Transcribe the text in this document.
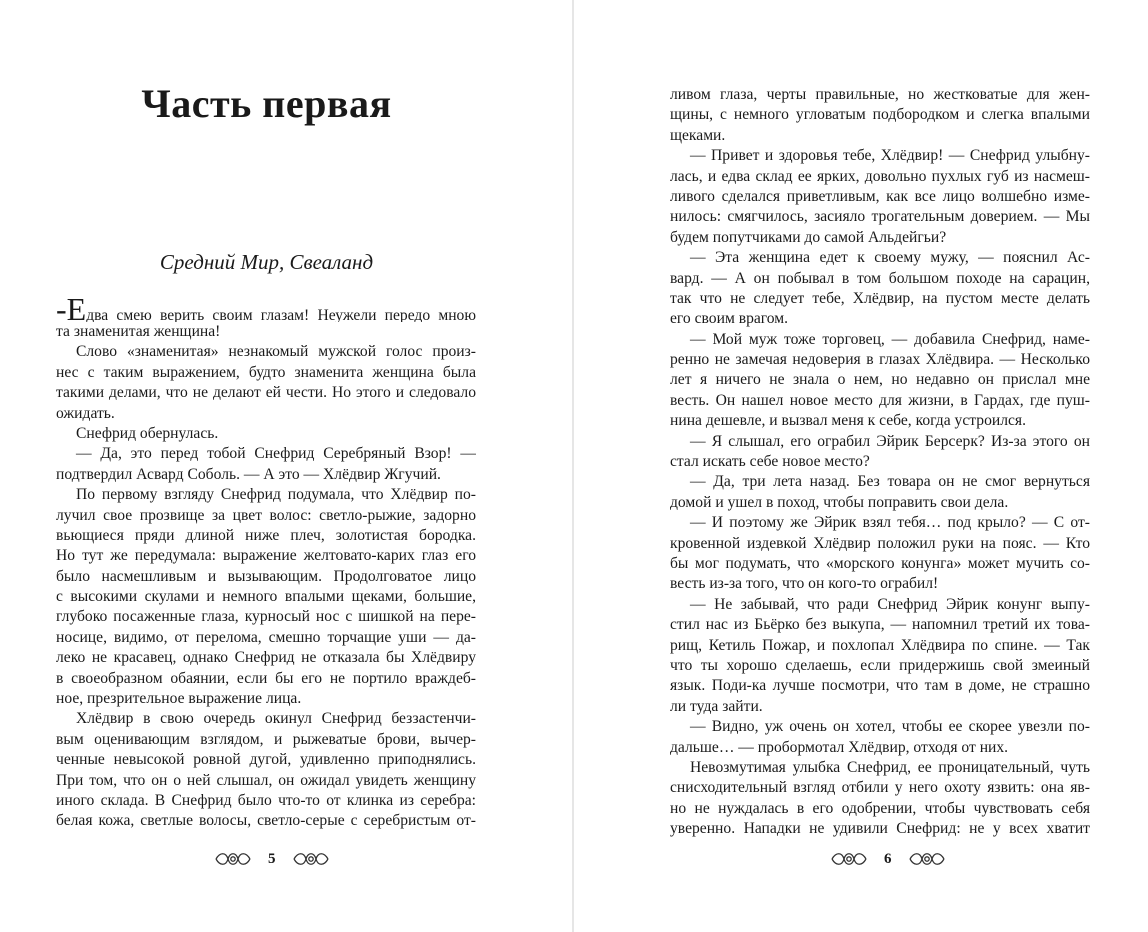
Часть первая
Средний Мир, Свеаланд
-Едва смею верить своим глазам! Неужели передо мною
та знаменитая женщина!
Слово «знаменитая» незнакомый мужской голос произ-
нес с таким выражением, будто знаменита женщина была
такими делами, что не делают ей чести. Но этого и следовало
ожидать.
Снефрид обернулась.
— Да, это перед тобой Снефрид Серебряный Взор! —
подтвердил Асвард Соболь. — А это — Хлёдвир Жгучий.
По первому взгляду Снефрид подумала, что Хлёдвир по-
лучил свое прозвище за цвет волос: светло-рыжие, задорно
вьющиеся пряди длиной ниже плеч, золотистая бородка.
Но тут же передумала: выражение желтовато-карих глаз его
было насмешливым и вызывающим. Продолговатое лицо
с высокими скулами и немного впалыми щеками, большие,
глубоко посаженные глаза, курносый нос с шишкой на пере-
носице, видимо, от перелома, смешно торчащие уши — да-
леко не красавец, однако Снефрид не отказала бы Хлёдвиру
в своеобразном обаянии, если бы его не портило враждеб-
ное, презрительное выражение лица.
Хлёдвир в свою очередь окинул Снефрид беззастенчи-
вым оценивающим взглядом, и рыжеватые брови, вычер-
ченные невысокой ровной дугой, удивленно приподнялись.
При том, что он о ней слышал, он ожидал увидеть женщину
иного склада. В Снефрид было что-то от клинка из серебра:
белая кожа, светлые волосы, светло-серые с серебристым от-
5
ливом глаза, черты правильные, но жестковатые для жен-
щины, с немного угловатым подбородком и слегка впалыми
щеками.
— Привет и здоровья тебе, Хлёдвир! — Снефрид улыбну-
лась, и едва склад ее ярких, довольно пухлых губ из насмеш-
ливого сделался приветливым, как все лицо волшебно изме-
нилось: смягчилось, засияло трогательным доверием. — Мы
будем попутчиками до самой Альдейгьи?
— Эта женщина едет к своему мужу, — пояснил Ас-
вард. — А он побывал в том большом походе на сарацин,
так что не следует тебе, Хлёдвир, на пустом месте делать
его своим врагом.
— Мой муж тоже торговец, — добавила Снефрид, наме-
ренно не замечая недоверия в глазах Хлёдвира. — Несколько
лет я ничего не знала о нем, но недавно он прислал мне
весть. Он нашел новое место для жизни, в Гардах, где пуш-
нина дешевле, и вызвал меня к себе, когда устроился.
— Я слышал, его ограбил Эйрик Берсерк? Из-за этого он
стал искать себе новое место?
— Да, три лета назад. Без товара он не смог вернуться
домой и ушел в поход, чтобы поправить свои дела.
— И поэтому же Эйрик взял тебя… под крыло? — С от-
кровенной издевкой Хлёдвир положил руки на пояс. — Кто
бы мог подумать, что «морского конунга» может мучить со-
весть из-за того, что он кого-то ограбил!
— Не забывай, что ради Снефрид Эйрик конунг выпу-
стил нас из Бьёрко без выкупа, — напомнил третий их това-
рищ, Кетиль Пожар, и похлопал Хлёдвира по спине. — Так
что ты хорошо сделаешь, если придержишь свой змеиный
язык. Поди-ка лучше посмотри, что там в доме, не страшно
ли туда зайти.
— Видно, уж очень он хотел, чтобы ее скорее увезли по-
дальше… — пробормотал Хлёдвир, отходя от них.
Невозмутимая улыбка Снефрид, ее проницательный, чуть
снисходительный взгляд отбили у него охоту язвить: она яв-
но не нуждалась в его одобрении, чтобы чувствовать себя
уверенно. Нападки не удивили Снефрид: не у всех хватит
6
